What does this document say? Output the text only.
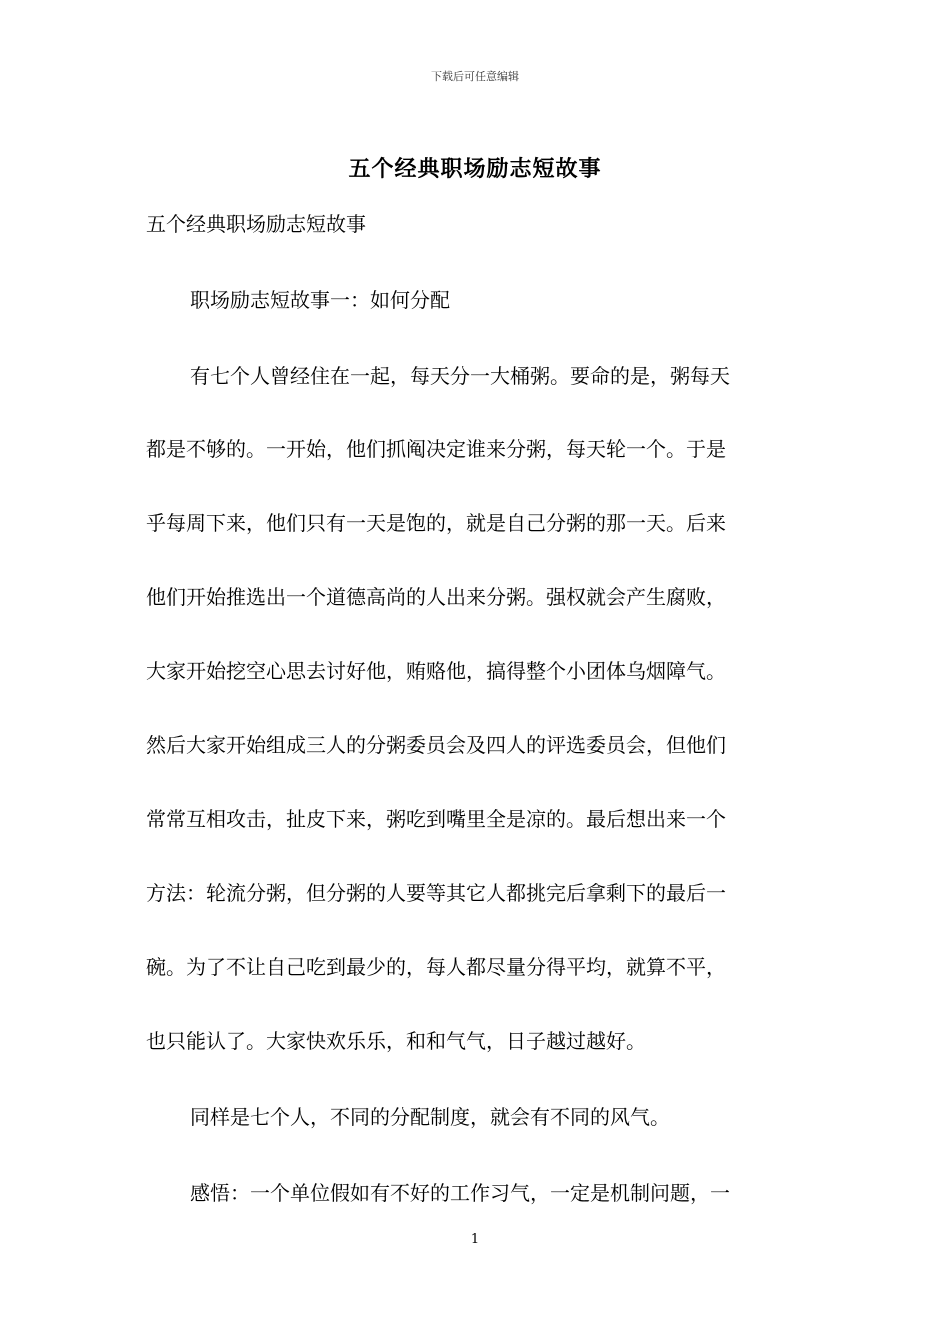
下载后可任意编辑
五个经典职场励志短故事
五个经典职场励志短故事
职场励志短故事一：如何分配
有七个人曾经住在一起，每天分一大桶粥。要命的是，粥每天
都是不够的。一开始，他们抓阄决定谁来分粥，每天轮一个。于是
乎每周下来，他们只有一天是饱的，就是自己分粥的那一天。后来
他们开始推选出一个道德高尚的人出来分粥。强权就会产生腐败，
大家开始挖空心思去讨好他，贿赂他，搞得整个小团体乌烟障气。
然后大家开始组成三人的分粥委员会及四人的评选委员会，但他们
常常互相攻击，扯皮下来，粥吃到嘴里全是凉的。最后想出来一个
方法：轮流分粥，但分粥的人要等其它人都挑完后拿剩下的最后一
碗。为了不让自己吃到最少的，每人都尽量分得平均，就算不平，
也只能认了。大家快欢乐乐，和和气气，日子越过越好。
同样是七个人，不同的分配制度，就会有不同的风气。
感悟：一个单位假如有不好的工作习气，一定是机制问题，一
1
